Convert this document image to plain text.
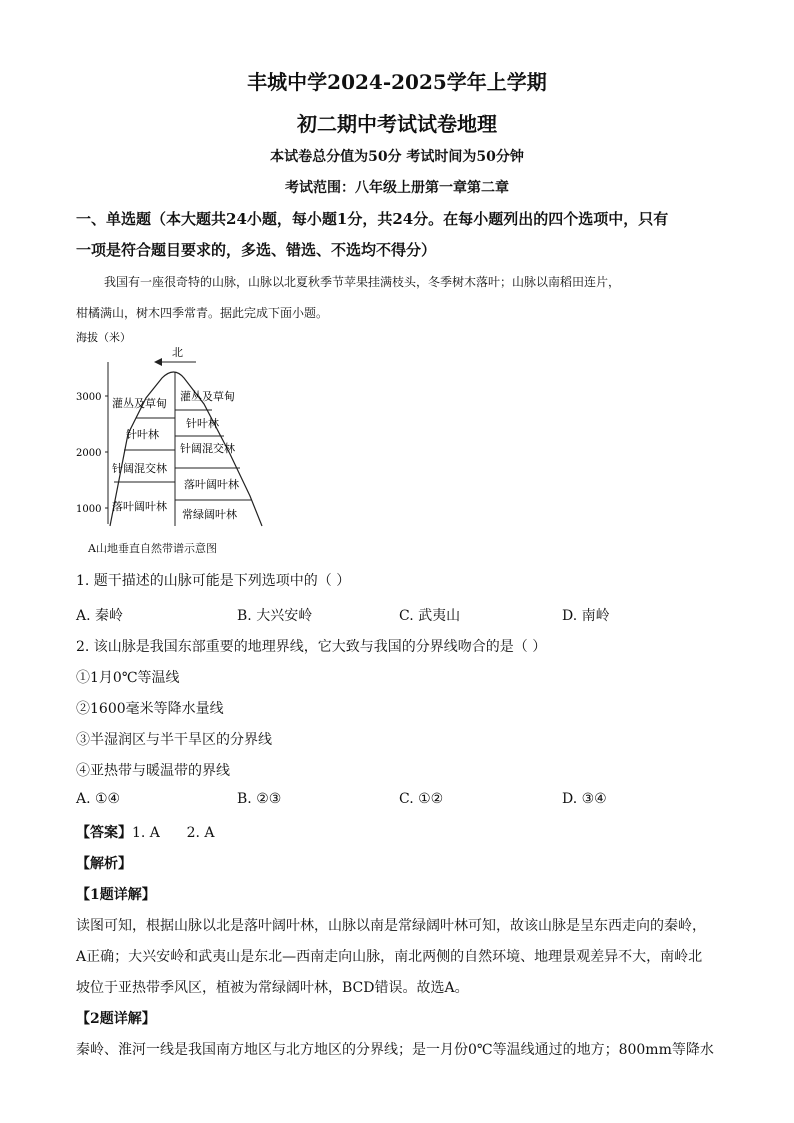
丰城中学2024-2025学年上学期
初二期中考试试卷地理
本试卷总分值为50分 考试时间为50分钟
考试范围：八年级上册第一章第二章
一、单选题（本大题共24小题，每小题1分，共24分。在每小题列出的四个选项中，只有
一项是符合题目要求的，多选、错选、不选均不得分）
我国有一座很奇特的山脉，山脉以北夏秋季节苹果挂满枝头，冬季树木落叶；山脉以南稻田连片，
柑橘满山，树木四季常青。据此完成下面小题。
海拔（米）
北
3000
2000
1000
灌丛及草甸
针叶林
针阔混交林
落叶阔叶林
灌丛及草甸
针叶林
针阔混交林
落叶阔叶林
常绿阔叶林
A山地垂直自然带谱示意图
1. 题干描述的山脉可能是下列选项中的（ ）
A. 秦岭	B. 大兴安岭	C. 武夷山	D. 南岭
2. 该山脉是我国东部重要的地理界线，它大致与我国的分界线吻合的是（ ）
①1月0℃等温线
②1600毫米等降水量线
③半湿润区与半干旱区的分界线
④亚热带与暖温带的界线
A. ①④	B. ②③	C. ①②	D. ③④
【答案】1. A      2. A
【解析】
【1题详解】
读图可知，根据山脉以北是落叶阔叶林，山脉以南是常绿阔叶林可知，故该山脉是呈东西走向的秦岭，
A正确；大兴安岭和武夷山是东北—西南走向山脉，南北两侧的自然环境、地理景观差异不大，南岭北
坡位于亚热带季风区，植被为常绿阔叶林，BCD错误。故选A。
【2题详解】
秦岭、淮河一线是我国南方地区与北方地区的分界线；是一月份0℃等温线通过的地方；800mm等降水
